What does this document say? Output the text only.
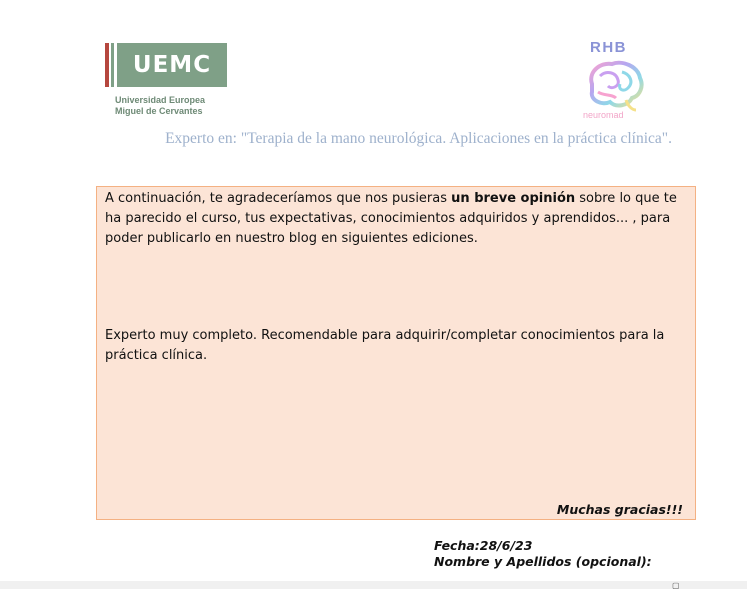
UEMC
Universidad Europea
Miguel de Cervantes
RHB
neuromad
Experto en: "Terapia de la mano neurológica. Aplicaciones en la práctica clínica".
A continuación, te agradeceríamos que nos pusieras un breve opinión sobre lo que te ha parecido el curso, tus expectativas, conocimientos adquiridos y aprendidos... , para poder publicarlo en nuestro blog en siguientes ediciones.
Experto muy completo. Recomendable para adquirir/completar conocimientos para la práctica clínica.
Muchas gracias!!!
Fecha:28/6/23
Nombre y Apellidos (opcional):
▢
